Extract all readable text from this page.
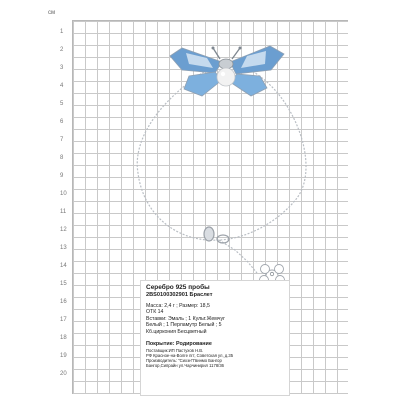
см
1
2
3
4
5
6
7
8
9
10
11
12
13
14
15
16
17
18
19
20
Серебро 925 пробы
2BS0100302901 Браслет
Масса: 2,4 г ; Размер: 18,5
ОТК 14
Вставки: Эмаль ; 1 Культ.Жемчуг
Белый ; 1 Перламутр Белый ; 5
Кб.циркония Бесцветный
Покрытие: Родирование
Поставщик:ИП Пастухов Н.В.
РФ Красное-на-Волге пгт, Советская ул, д.35
Производитель: "Сихэн"Гвинмо Бангор
Бангор,Сипрайн ул.Чарчинирил 1178/36
